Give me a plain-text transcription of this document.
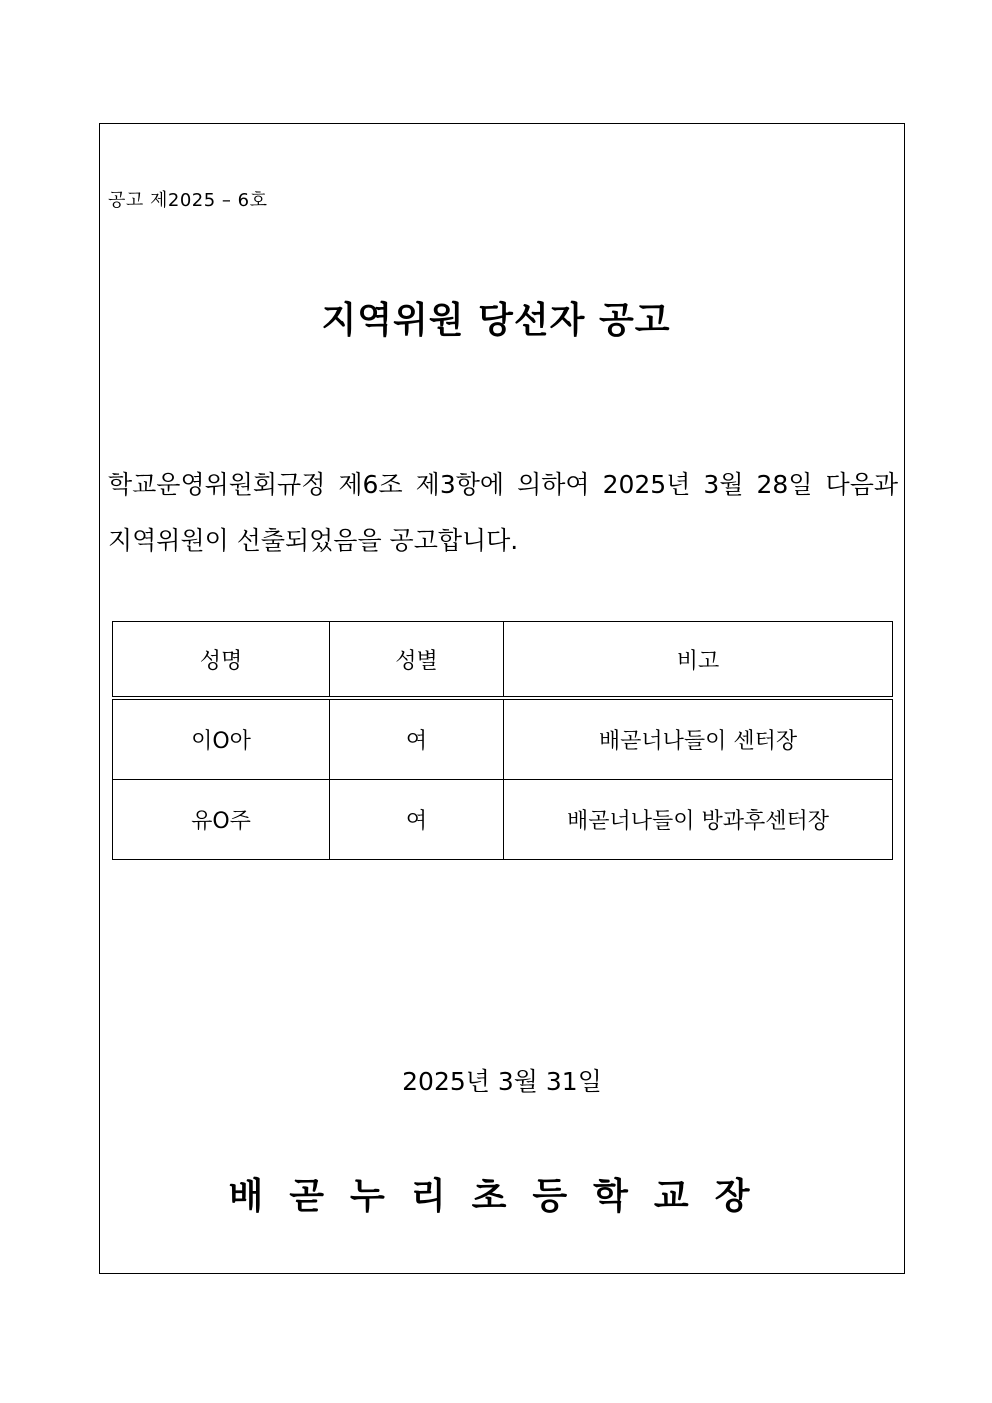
공고 제2025 – 6호
지역위원 당선자 공고
학교운영위원회규정 제6조 제3항에 의하여 2025년 3월 28일 다음과
지역위원이 선출되었음을 공고합니다.
성명	성별	비고
이O아	여	배곧너나들이 센터장
유O주	여	배곧너나들이 방과후센터장
2025년 3월 31일
배곧누리초등학교장
